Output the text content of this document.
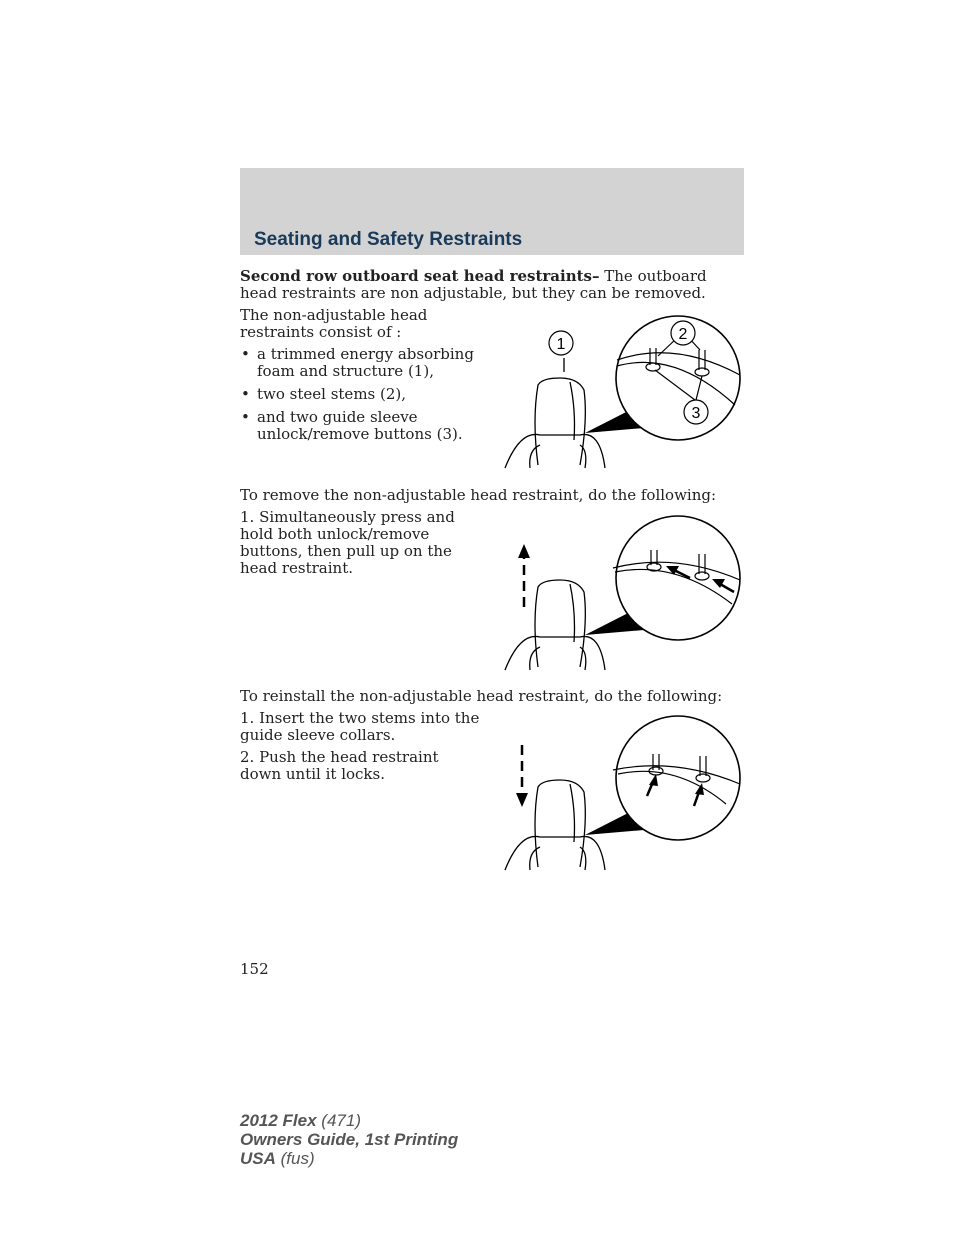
Seating and Safety Restraints

Second row outboard seat head restraints– The outboard head restraints are non adjustable, but they can be removed.

The non-adjustable head restraints consist of :

• a trimmed energy absorbing foam and structure (1),
• two steel stems (2),
• and two guide sleeve unlock/remove buttons (3).
1
2
3

To remove the non-adjustable head restraint, do the following:

1. Simultaneously press and hold both unlock/remove buttons, then pull up on the head restraint.

To reinstall the non-adjustable head restraint, do the following:

1. Insert the two stems into the guide sleeve collars.

2. Push the head restraint down until it locks.

152
2012 Flex (471)
Owners Guide, 1st Printing
USA (fus)
